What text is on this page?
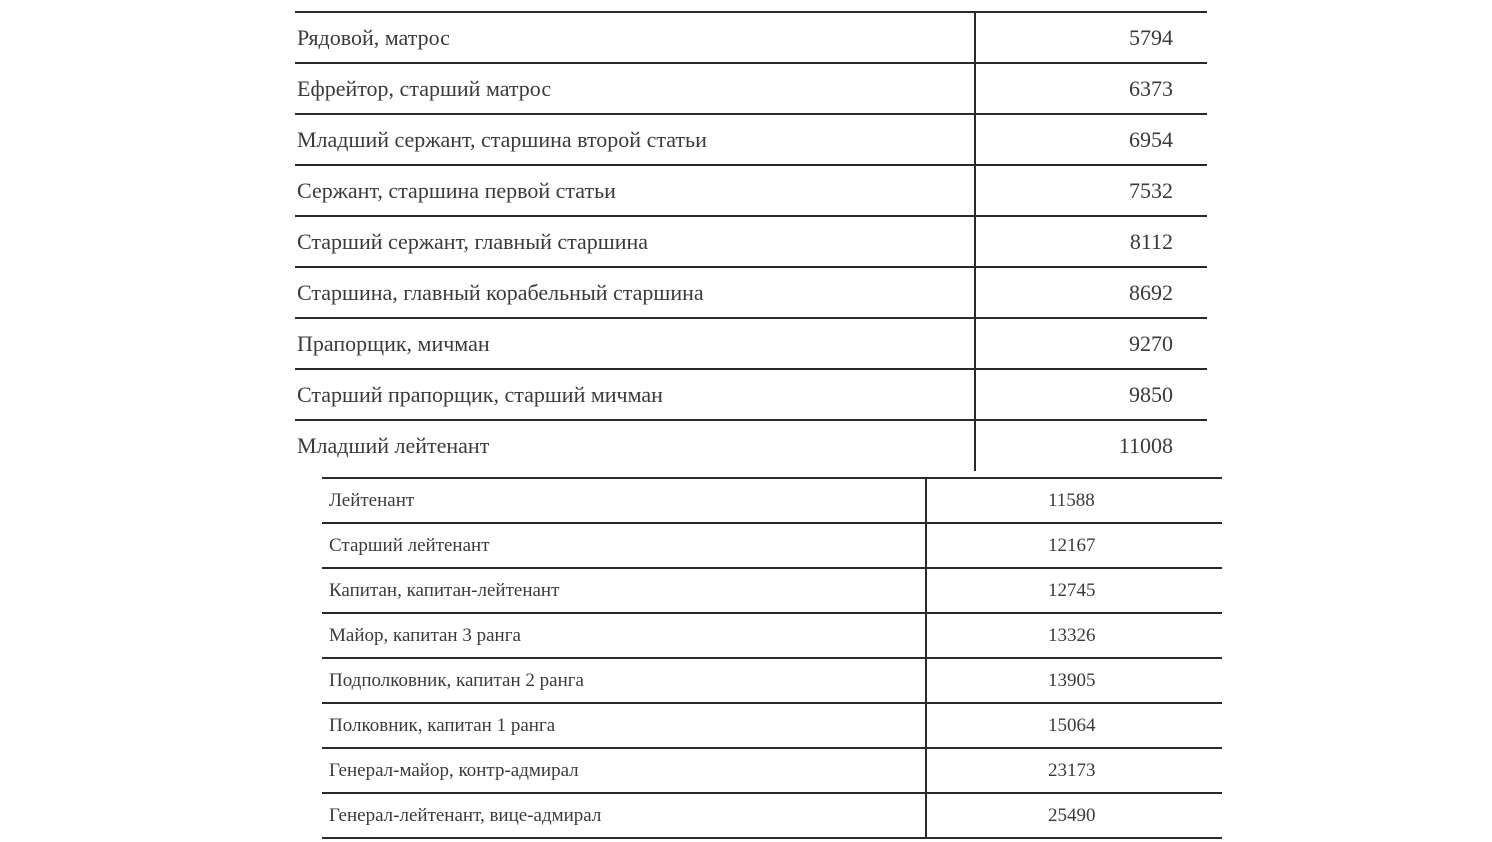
Рядовой, матрос	5794
Ефрейтор, старший матрос	6373
Младший сержант, старшина второй статьи	6954
Сержант, старшина первой статьи	7532
Старший сержант, главный старшина	8112
Старшина, главный корабельный старшина	8692
Прапорщик, мичман	9270
Старший прапорщик, старший мичман	9850
Младший лейтенант	11008
Лейтенант	11588
Старший лейтенант	12167
Капитан, капитан-лейтенант	12745
Майор, капитан 3 ранга	13326
Подполковник, капитан 2 ранга	13905
Полковник, капитан 1 ранга	15064
Генерал-майор, контр-адмирал	23173
Генерал-лейтенант, вице-адмирал	25490
